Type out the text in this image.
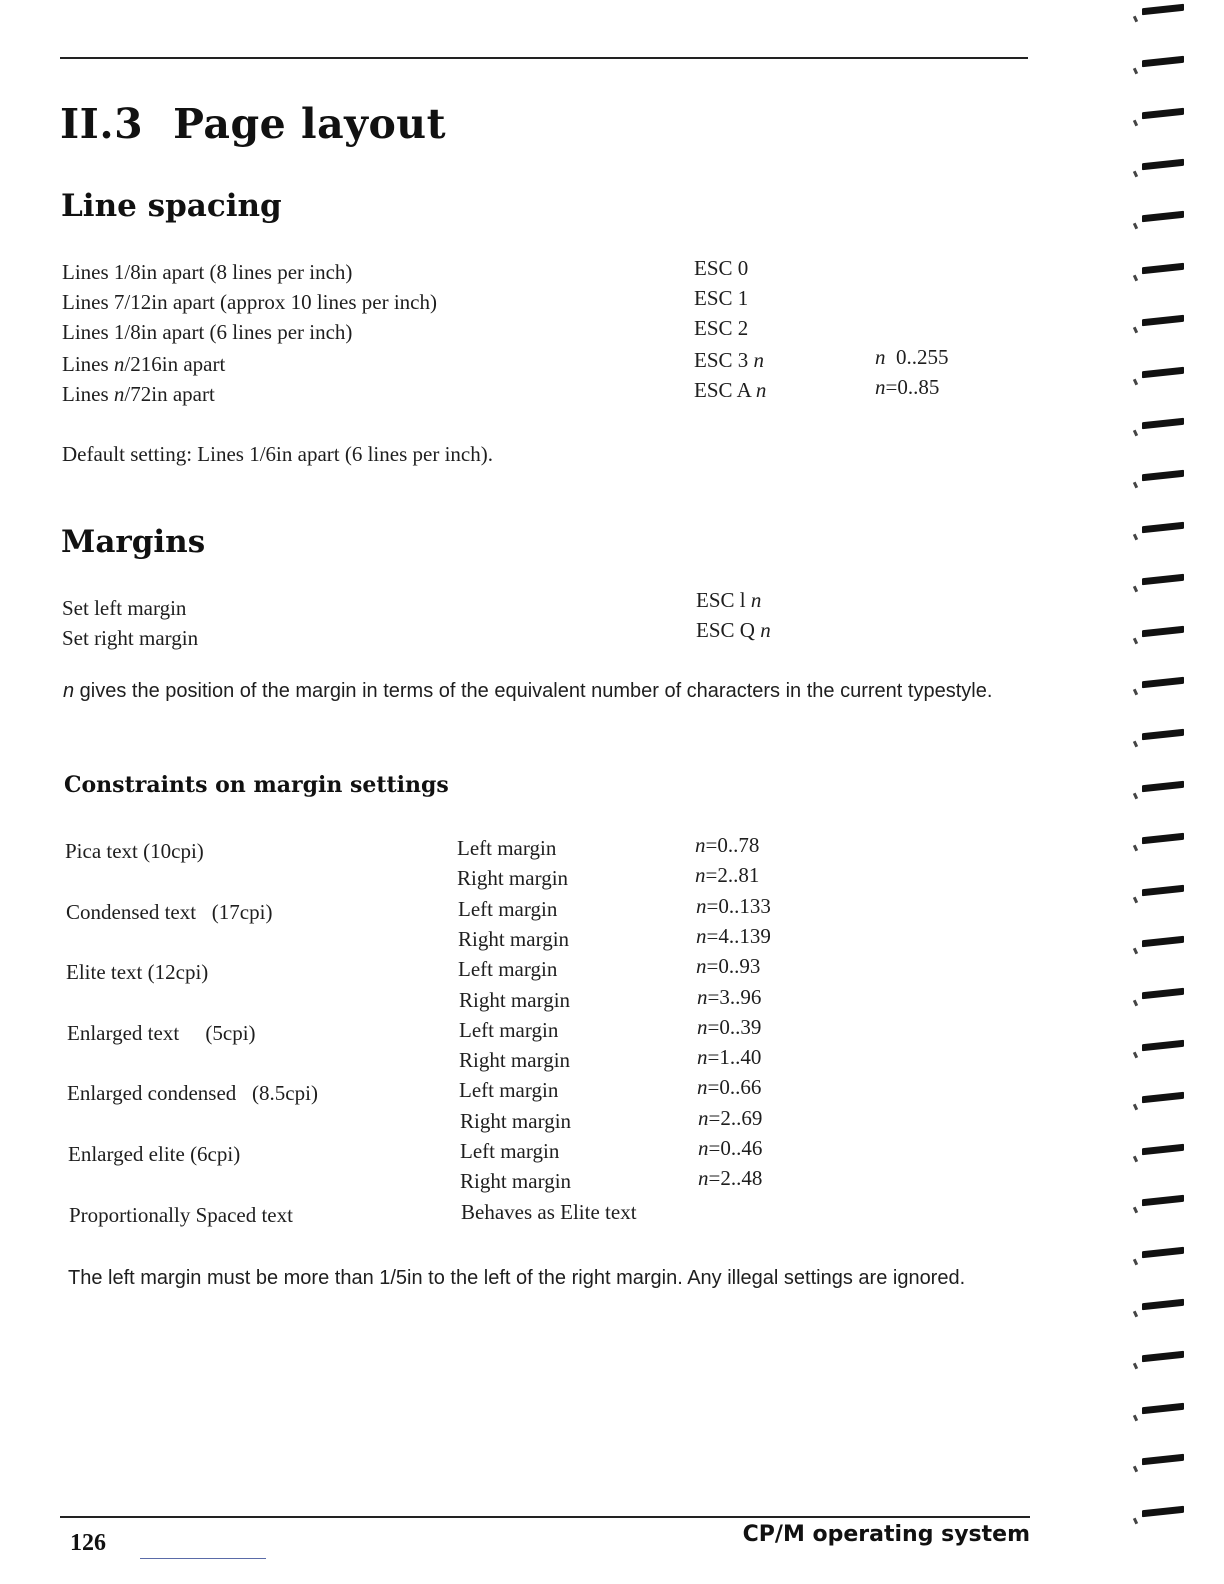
II.3 Page layout
Line spacing
Lines 1/8in apart (8 lines per inch)	ESC 0
Lines 7/12in apart (approx 10 lines per inch)	ESC 1
Lines 1/8in apart (6 lines per inch)	ESC 2
Lines n/216in apart	ESC 3 n	n  0..255
Lines n/72in apart	ESC A n	n=0..85
Default setting: Lines 1/6in apart (6 lines per inch).
Margins
Set left margin	ESC l n
Set right margin	ESC Q n
n gives the position of the margin in terms of the equivalent number of characters in the current typestyle.
Constraints on margin settings
Pica text (10cpi)	Left margin	n=0..78
Right margin	n=2..81
Condensed text   (17cpi)	Left margin	n=0..133
Right margin	n=4..139
Elite text (12cpi)	Left margin	n=0..93
Right margin	n=3..96
Enlarged text     (5cpi)	Left margin	n=0..39
Right margin	n=1..40
Enlarged condensed   (8.5cpi)	Left margin	n=0..66
Right margin	n=2..69
Enlarged elite (6cpi)	Left margin	n=0..46
Right margin	n=2..48
Proportionally Spaced text	Behaves as Elite text
The left margin must be more than 1/5in to the left of the right margin. Any illegal settings are ignored.
126	CP/M operating system
